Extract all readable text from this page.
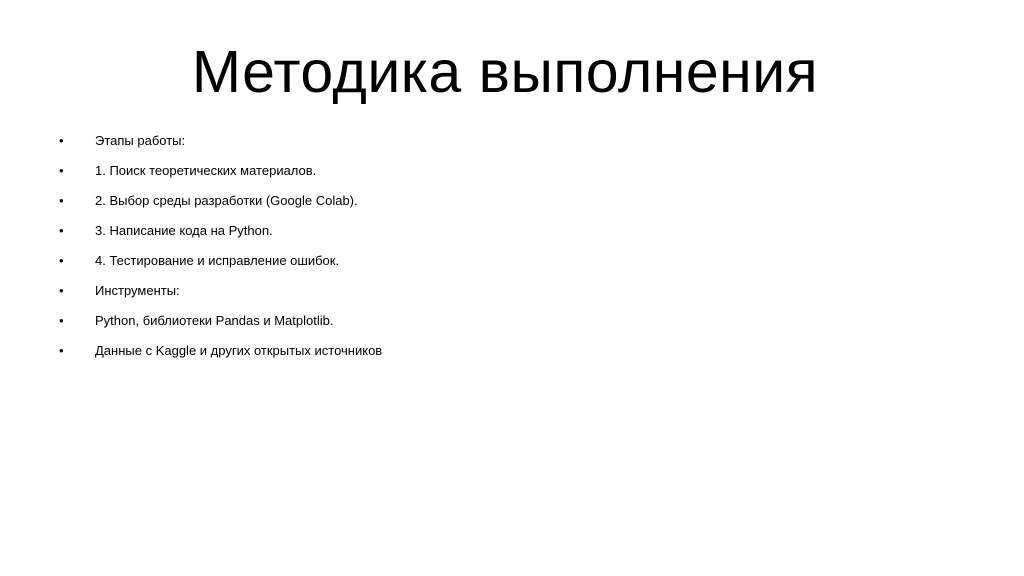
Методика выполнения
• Этапы работы:
• 1. Поиск теоретических материалов.
• 2. Выбор среды разработки (Google Colab).
• 3. Написание кода на Python.
• 4. Тестирование и исправление ошибок.
• Инструменты:
• Python, библиотеки Pandas и Matplotlib.
• Данные с Kaggle и других открытых источников
